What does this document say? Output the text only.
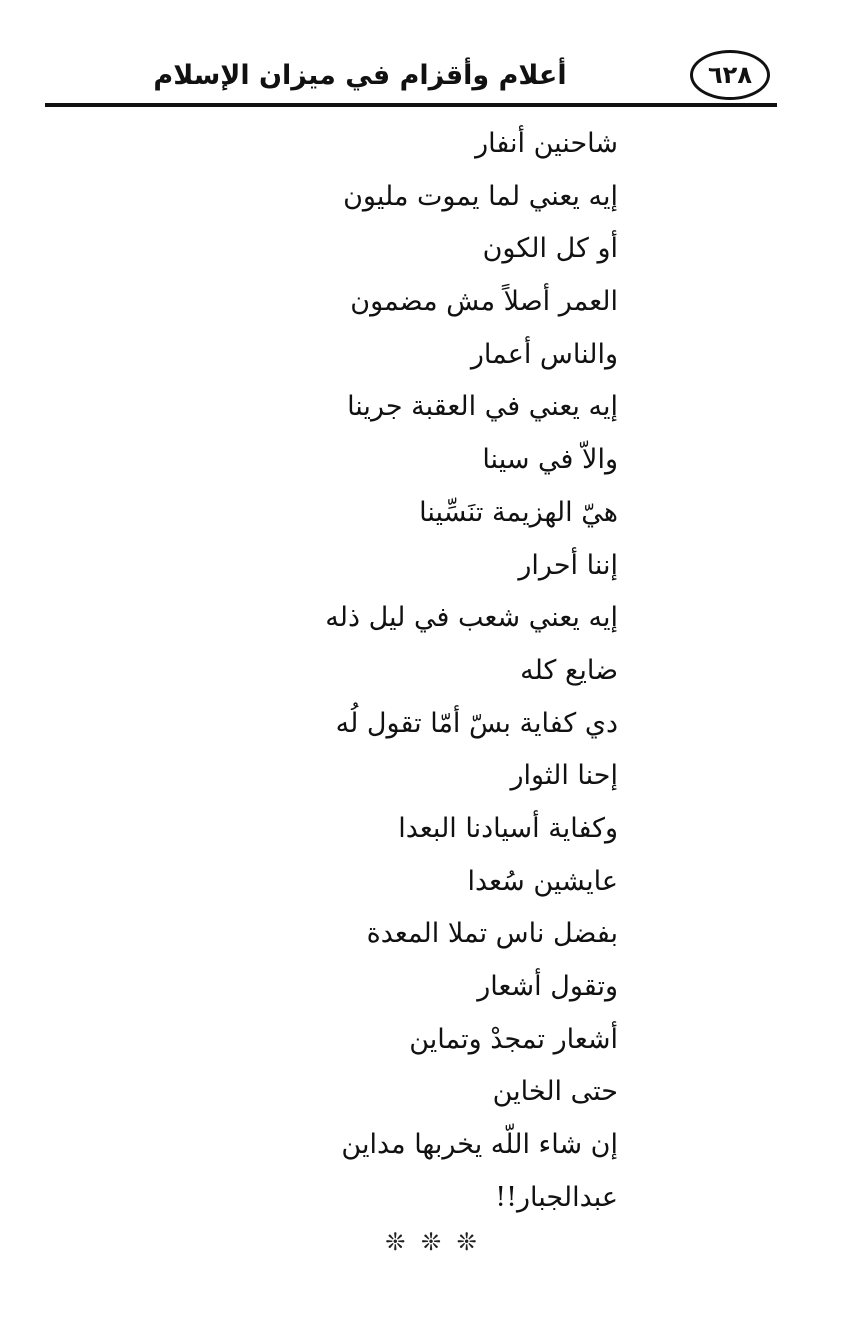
أعلام وأقزام في ميزان الإسلام	٦٢٨
شاحنين أنفار
إيه يعني لما يموت مليون
أو كل الكون
العمر أصلاً مش مضمون
والناس أعمار
إيه يعني في العقبة جرينا
والاّ في سينا
هيّ الهزيمة تنَسِّينا
إننا أحرار
إيه يعني شعب في ليل ذله
ضايع كله
دي كفاية بسّ أمّا تقول لُه
إحنا الثوار
وكفاية أسيادنا البعدا
عايشين سُعدا
بفضل ناس تملا المعدة
وتقول أشعار
أشعار تمجدْ وتماين
حتى الخاين
إن شاء اللّه يخربها مداين
عبدالجبار!!
❊ ❊ ❊
